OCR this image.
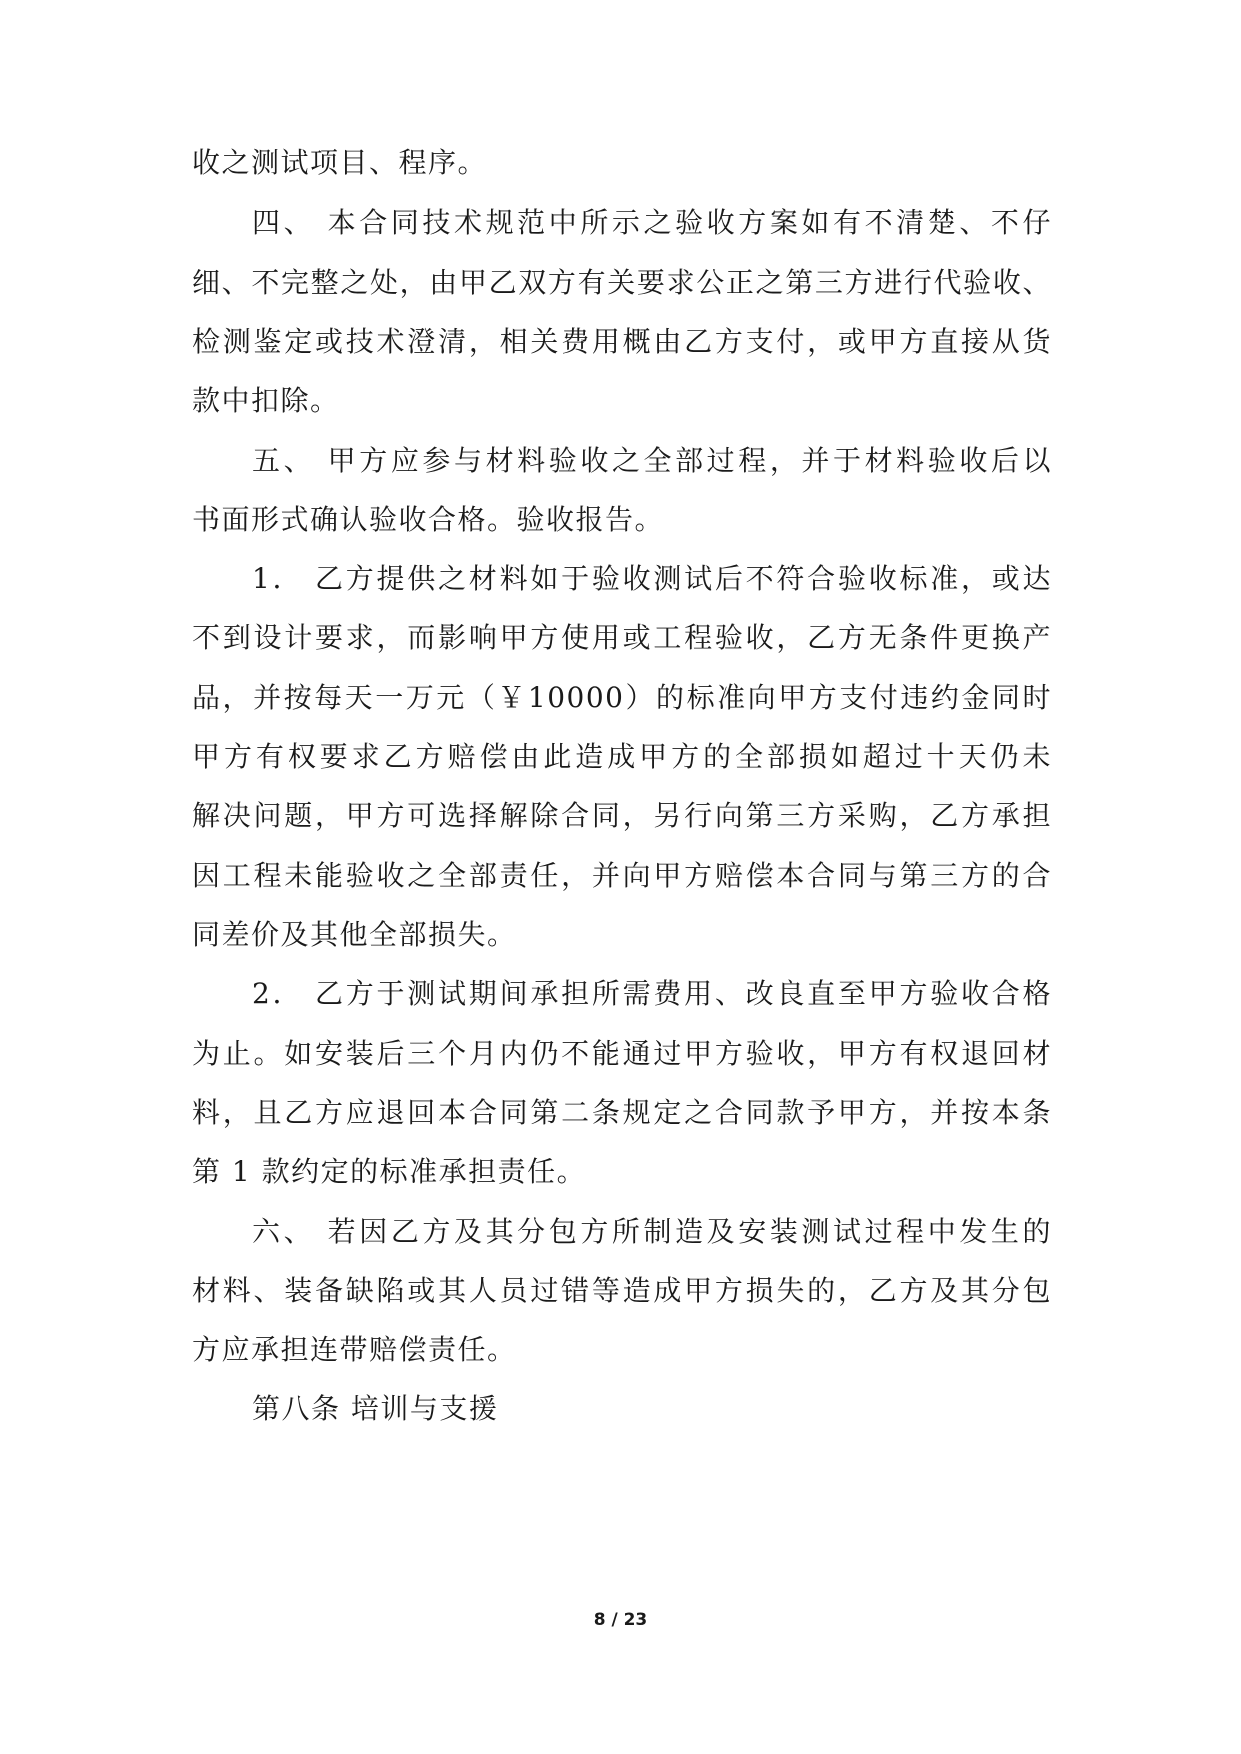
收之测试项目、程序。
四、 本合同技术规范中所示之验收方案如有不清楚、不仔
细、不完整之处，由甲乙双方有关要求公正之第三方进行代验收、
检测鉴定或技术澄清，相关费用概由乙方支付，或甲方直接从货
款中扣除。
五、 甲方应参与材料验收之全部过程，并于材料验收后以
书面形式确认验收合格。验收报告。
1． 乙方提供之材料如于验收测试后不符合验收标准，或达
不到设计要求，而影响甲方使用或工程验收，乙方无条件更换产
品，并按每天一万元（￥10000）的标准向甲方支付违约金同时
甲方有权要求乙方赔偿由此造成甲方的全部损如超过十天仍未
解决问题，甲方可选择解除合同，另行向第三方采购，乙方承担
因工程未能验收之全部责任，并向甲方赔偿本合同与第三方的合
同差价及其他全部损失。
2． 乙方于测试期间承担所需费用、改良直至甲方验收合格
为止。如安装后三个月内仍不能通过甲方验收，甲方有权退回材
料，且乙方应退回本合同第二条规定之合同款予甲方，并按本条
第 1 款约定的标准承担责任。
六、 若因乙方及其分包方所制造及安装测试过程中发生的
材料、装备缺陷或其人员过错等造成甲方损失的，乙方及其分包
方应承担连带赔偿责任。
第八条 培训与支援
8 / 23
